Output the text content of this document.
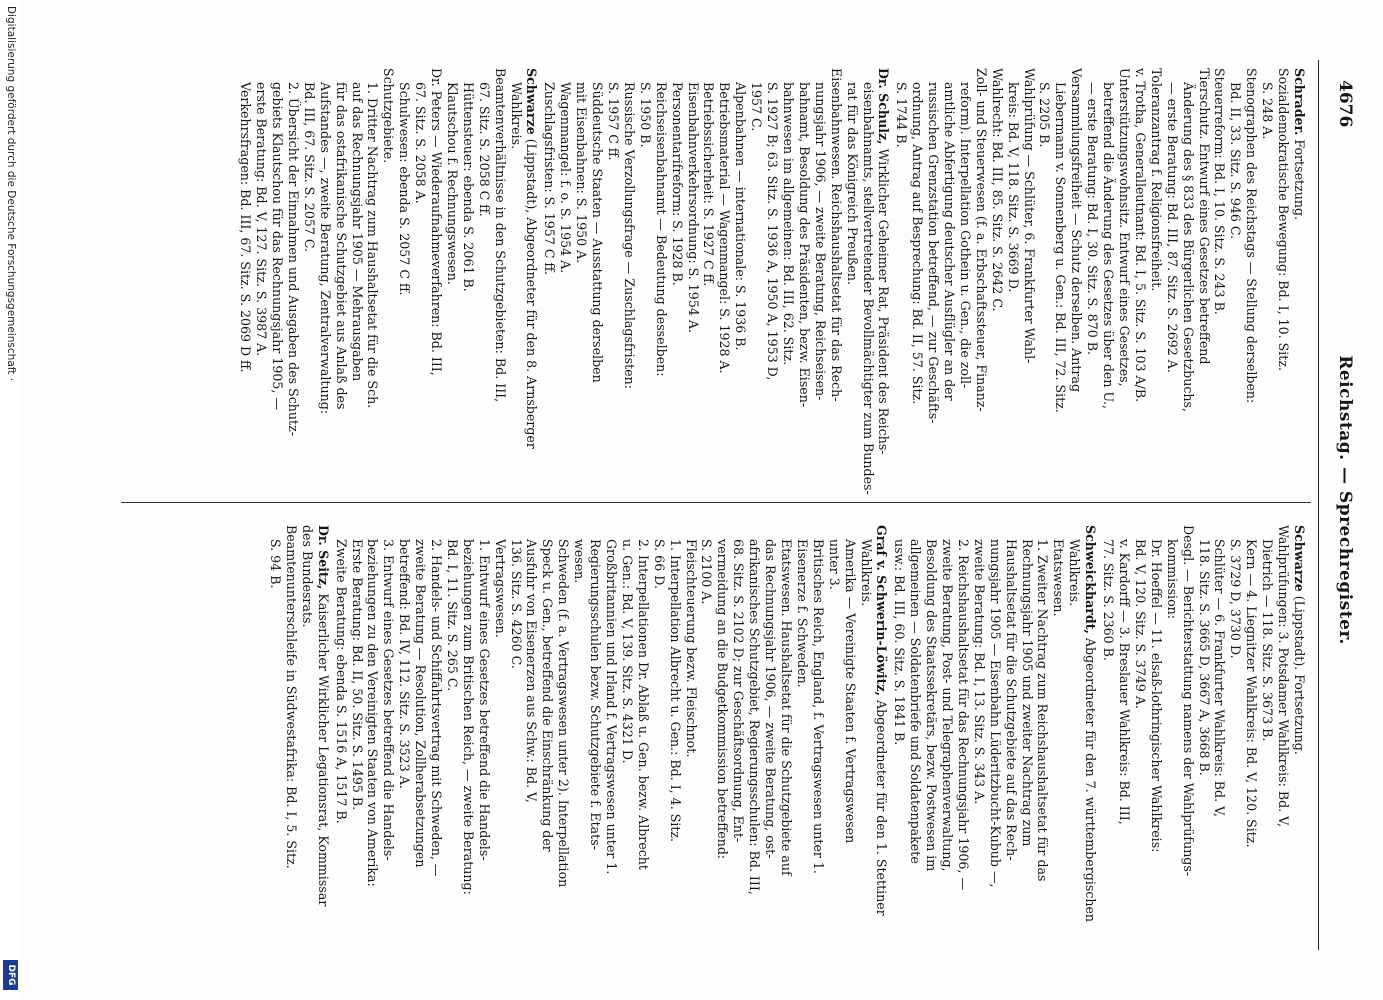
4676
Reichstag. — Sprechregister.
Schrader. Fortsetzung.
Sozialdemokratische Bewegung: Bd. I, 10. Sitz.
S. 248 A.
Stenographen des Reichstags — Stellung derselben:
Bd. II, 33. Sitz. S. 946 C.
Steuerreform: Bd. I, 10. Sitz. S. 243 B.
Tierschutz. Entwurf eines Gesetzes betreffend
Änderung des § 833 des Bürgerlichen Gesetzbuchs,
— erste Beratung: Bd. III, 87. Sitz. S. 2692 A.
Toleranzantrag f. Religionsfreiheit.
v. Trotha, Generalleutnant: Bd. I, 5. Sitz. S. 103 A/B.
Unterstützungswohnsitz. Entwurf eines Gesetzes,
betreffend die Änderung des Gesetzes über den U.,
— erste Beratung: Bd. I, 30. Sitz. S. 870 B.
Versammlungsfreiheit — Schutz derselben. Antrag
Liebermann v. Sonnenberg u. Gen.: Bd. III, 72. Sitz.
S. 2205 B.
Wahlprüfung — Schlüter, 6. Frankfurter Wahl-
kreis: Bd. V, 118. Sitz. S. 3669 D.
Wahlrecht: Bd. III, 85. Sitz. S. 2642 C.
Zoll- und Steuerwesen (f. a. Erbschaftssteuer, Finanz-
reform). Interpellation Gothein u. Gen., die zoll-
amtliche Abfertigung deutscher Ausflügler an der
russischen Grenzstation betreffend, — zur Geschäfts-
ordnung, Antrag auf Besprechung: Bd. II, 57. Sitz.
S. 1744 B.
Dr. Schulz, Wirklicher Geheimer Rat, Präsident des Reichs-
eisenbahnamts, stellvertretender Bevollmächtigter zum Bundes-
rat für das Königreich Preußen.
Eisenbahnwesen. Reichshaushaltsetat für das Rech-
nungsjahr 1906, — zweite Beratung, Reichseisen-
bahnamt, Besoldung des Präsidenten, bezw. Eisen-
bahnwesen im allgemeinen: Bd. III, 62. Sitz.
S. 1927 B; 63. Sitz. S. 1936 A, 1950 A, 1953 D,
1957 C.
Alpenbahnen — internationale: S. 1936 B.
Betriebsmaterial — Wagenmangel: S. 1928 A.
Betriebssicherheit: S. 1927 C ff.
Eisenbahnverkehrsordnung: S. 1954 A.
Personentarifreform: S. 1928 B.
Reichseisenbahnamt — Bedeutung desselben:
S. 1950 B.
Russische Verzollungsfrage — Zuschlagsfristen:
S. 1957 C ff.
Süddeutsche Staaten — Ausstattung derselben
mit Eisenbahnen: S. 1950 A.
Wagenmangel: f. o. S. 1954 A.
Zuschlagsfristen: S. 1957 C ff.
Schwarze (Lippstadt), Abgeordneter für den 8. Arnsberger
Wahlkreis.
Beamtenverhältnisse in den Schutzgebieten: Bd. III,
67. Sitz. S. 2058 C ff.
Hüttensteuer: ebenda S. 2061 B.
Klautschou f. Rechnungswesen.
Dr. Peters — Wiederaufnahmeverfahren: Bd. III,
67. Sitz. S. 2058 A.
Schulwesen: ebenda S. 2057 C ff.
Schutzgebiete.
1. Dritter Nachtrag zum Haushaltsetat für die Sch.
auf das Rechnungsjahr 1905 — Mehrausgaben
für das ostafrikanische Schutzgebiet aus Anlaß des
Aufstandes —, zweite Beratung, Zentralverwaltung:
Bd. III, 67. Sitz. S. 2057 C.
2. Übersicht der Einnahmen und Ausgaben des Schutz-
gebiets Klautschou für das Rechnungsjahr 1905, —
erste Beratung: Bd. V, 127. Sitz. S. 3987 A.
Verkehrsfragen: Bd. III, 67. Sitz. S. 2069 D ff.
Schwarze (Lippstadt). Fortsetzung.
Wahlprüfungen: 3. Potsdamer Wahlkreis: Bd. V,
Dietrich — 118. Sitz. S. 3673 B.
Kern — 4. Liegnitzer Wahlkreis: Bd. V, 120. Sitz.
S. 3729 D, 3730 D.
Schlüter — 6. Frankfurter Wahlkreis: Bd. V,
118. Sitz. S. 3665 D, 3667 A, 3668 B.
Desgl. — Berichterstattung namens der Wahlprüfungs-
kommission:
Dr. Hoeffel — 11. elsaß-lothringischer Wahlkreis:
Bd. V, 120. Sitz. S. 3749 A.
v. Kardorff — 3. Breslauer Wahlkreis: Bd. III,
77. Sitz. S. 2360 B.
Schweickhardt, Abgeordneter für den 7. württembergischen
Wahlkreis.
Etatswesen.
1. Zweiter Nachtrag zum Reichshaushaltsetat für das
Rechnungsjahr 1905 und zweiter Nachtrag zum
Haushaltsetat für die Schutzgebiete auf das Rech-
nungsjahr 1905 — Eisenbahn Lüderitzbucht-Kubub —,
zweite Beratung: Bd. I, 13. Sitz. S. 343 A.
2. Reichshaushaltsetat für das Rechnungsjahr 1906, —
zweite Beratung, Post- und Telegraphenverwaltung,
Besoldung des Staatssekretärs, bezw. Postwesen im
allgemeinen — Soldatenbriefe und Soldatenpakete
usw.: Bd. III, 60. Sitz. S. 1841 B.
Graf v. Schwerin-Löwitz, Abgeordneter für den 1. Stettiner
Wahlkreis.
Amerika — Vereinigte Staaten f. Vertragswesen
unter 3.
Britisches Reich, England, f. Vertragswesen unter 1.
Eisenerze f. Schweden.
Etatswesen. Haushaltsetat für die Schutzgebiete auf
das Rechnungsjahr 1906, — zweite Beratung, ost-
afrikanisches Schutzgebiet, Regierungsschulen: Bd. III,
68. Sitz. S. 2102 D; zur Geschäftsordnung, Ent-
vermeidung an die Budgetkommission betreffend:
S. 2100 A.
Fleischteuerung bezw. Fleischnot.
1. Interpellation Albrecht u. Gen.: Bd. I, 4. Sitz.
S. 66 D.
2. Interpellationen Dr. Ablaß u. Gen. bezw. Albrecht
u. Gen.: Bd. V, 139. Sitz. S. 4321 D.
Großbritannien und Irland f. Vertragswesen unter 1.
Regierungsschulen bezw. Schutzgebiete f. Etats-
wesen.
Schweden (f. a. Vertragswesen unter 2). Interpellation
Speck u. Gen., betreffend die Einschränkung der
Ausfuhr von Eisenerzen aus Schw.: Bd. V,
136. Sitz. S. 4260 C.
Vertragswesen.
1. Entwurf eines Gesetzes betreffend die Handels-
beziehungen zum Britischen Reich, — zweite Beratung:
Bd. I, 11. Sitz. S. 265 C.
2. Handels- und Schiffahrtsvertrag mit Schweden, —
zweite Beratung — Resolution, Zollherabsetzungen
betreffend: Bd. IV, 112. Sitz. S. 3523 A.
3. Entwurf eines Gesetzes betreffend die Handels-
beziehungen zu den Vereinigten Staaten von Amerika:
Erste Beratung: Bd. II, 50. Sitz. S. 1495 B.
Zweite Beratung: ebenda S. 1516 A, 1517 B.
Dr. Seitz, Kaiserlicher Wirklicher Legationsrat, Kommissar
des Bundesrats.
Beamtenunterschleife in Südwestafrika: Bd. I, 5. Sitz.
S. 94 B.
Digitalisierung gefördert durch die Deutsche Forschungsgemeinschaft ·
DFG
